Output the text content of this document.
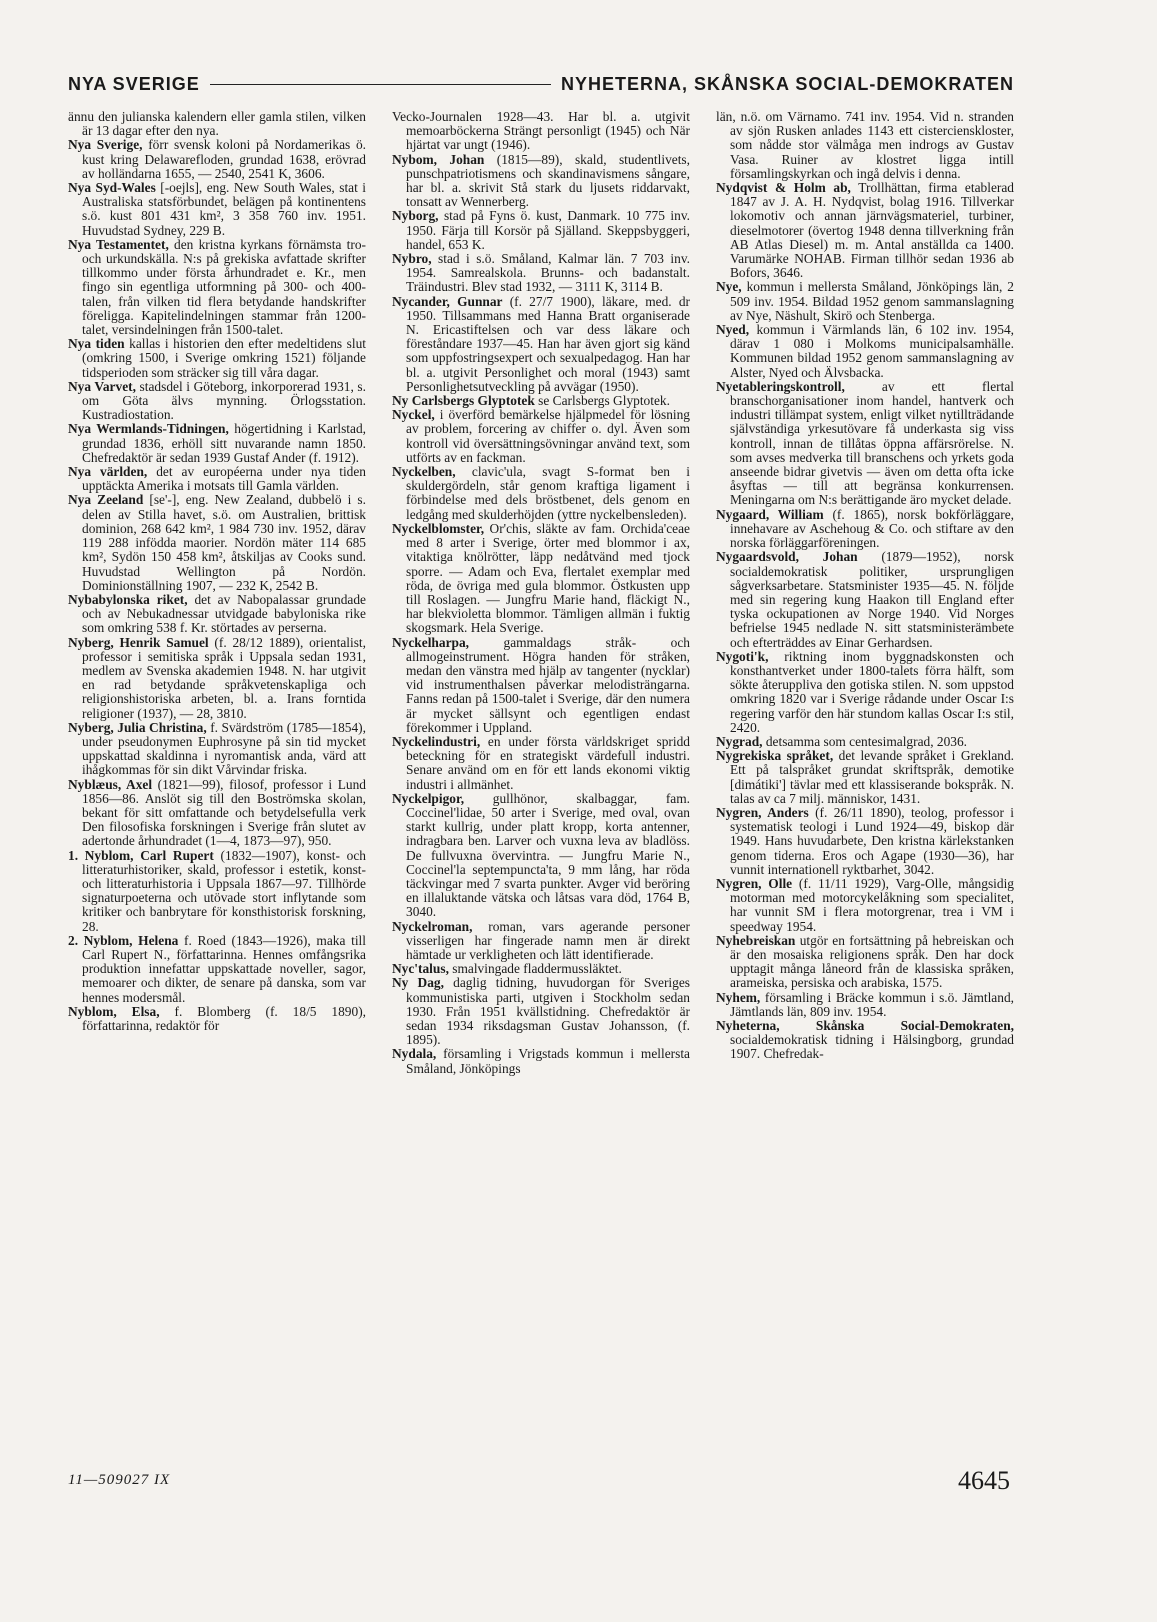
NYA SVERIGE	NYHETERNA, SKÅNSKA SOCIAL-DEMOKRATEN

ännu den julianska kalendern eller gamla stilen, vilken är 13 dagar efter den nya.

Nya Sverige, förr svensk koloni på Nordamerikas ö. kust kring Delawarefloden, grundad 1638, erövrad av holländarna 1655, — 2540, 2541 K, 3606.

Nya Syd-Wales [-oejls], eng. New South Wales, stat i Australiska statsförbundet, belägen på kontinentens s.ö. kust 801 431 km², 3 358 760 inv. 1951. Huvudstad Sydney, 229 B.

Nya Testamentet, den kristna kyrkans förnämsta tro- och urkundskälla. N:s på grekiska avfattade skrifter tillkommo under första århundradet e. Kr., men fingo sin egentliga utformning på 300- och 400-talen, från vilken tid flera betydande handskrifter föreligga. Kapitelindelningen stammar från 1200-talet, versindelningen från 1500-talet.

Nya tiden kallas i historien den efter medeltidens slut (omkring 1500, i Sverige omkring 1521) följande tidsperioden som sträcker sig till våra dagar.

Nya Varvet, stadsdel i Göteborg, inkorporerad 1931, s. om Göta älvs mynning. Örlogsstation. Kustradiostation.

Nya Wermlands-Tidningen, högertidning i Karlstad, grundad 1836, erhöll sitt nuvarande namn 1850. Chefredaktör är sedan 1939 Gustaf Ander (f. 1912).

Nya världen, det av européerna under nya tiden upptäckta Amerika i motsats till Gamla världen.

Nya Zeeland [se'-], eng. New Zealand, dubbelö i s. delen av Stilla havet, s.ö. om Australien, brittisk dominion, 268 642 km², 1 984 730 inv. 1952, därav 119 288 infödda maorier. Nordön mäter 114 685 km², Sydön 150 458 km², åtskiljas av Cooks sund. Huvudstad Wellington på Nordön. Dominionställning 1907, — 232 K, 2542 B.

Nybabylonska riket, det av Nabopalassar grundade och av Nebukadnessar utvidgade babyloniska rike som omkring 538 f. Kr. störtades av perserna.

Nyberg, Henrik Samuel (f. 28/12 1889), orientalist, professor i semitiska språk i Uppsala sedan 1931, medlem av Svenska akademien 1948. N. har utgivit en rad betydande språkvetenskapliga och religionshistoriska arbeten, bl. a. Irans forntida religioner (1937), — 28, 3810.

Nyberg, Julia Christina, f. Svärdström (1785—1854), under pseudonymen Euphrosyne på sin tid mycket uppskattad skaldinna i nyromantisk anda, värd att ihågkommas för sin dikt Vårvindar friska.

Nyblæus, Axel (1821—99), filosof, professor i Lund 1856—86. Anslöt sig till den Boströmska skolan, bekant för sitt omfattande och betydelsefulla verk Den filosofiska forskningen i Sverige från slutet av adertonde århundradet (1—4, 1873—97), 950.

1. Nyblom, Carl Rupert (1832—1907), konst- och litteraturhistoriker, skald, professor i estetik, konst- och litteraturhistoria i Uppsala 1867—97. Tillhörde signaturpoeterna och utövade stort inflytande som kritiker och banbrytare för konsthistorisk forskning, 28.

2. Nyblom, Helena f. Roed (1843—1926), maka till Carl Rupert N., författarinna. Hennes omfångsrika produktion innefattar uppskattade noveller, sagor, memoarer och dikter, de senare på danska, som var hennes modersmål.

Nyblom, Elsa, f. Blomberg (f. 18/5 1890), författarinna, redaktör för

Vecko-Journalen 1928—43. Har bl. a. utgivit memoarböckerna Strängt personligt (1945) och När hjärtat var ungt (1946).

Nybom, Johan (1815—89), skald, studentlivets, punschpatriotismens och skandinavismens sångare, har bl. a. skrivit Stå stark du ljusets riddarvakt, tonsatt av Wennerberg.

Nyborg, stad på Fyns ö. kust, Danmark. 10 775 inv. 1950. Färja till Korsör på Själland. Skeppsbyggeri, handel, 653 K.

Nybro, stad i s.ö. Småland, Kalmar län. 7 703 inv. 1954. Samrealskola. Brunns- och badanstalt. Träindustri. Blev stad 1932, — 3111 K, 3114 B.

Nycander, Gunnar (f. 27/7 1900), läkare, med. dr 1950. Tillsammans med Hanna Bratt organiserade N. Ericastiftelsen och var dess läkare och föreståndare 1937—45. Han har även gjort sig känd som uppfostringsexpert och sexualpedagog. Han har bl. a. utgivit Personlighet och moral (1943) samt Personlighetsutveckling på avvägar (1950).

Ny Carlsbergs Glyptotek se Carlsbergs Glyptotek.

Nyckel, i överförd bemärkelse hjälpmedel för lösning av problem, forcering av chiffer o. dyl. Även som kontroll vid översättningsövningar använd text, som utförts av en fackman.

Nyckelben, clavic'ula, svagt S-format ben i skuldergördeln, står genom kraftiga ligament i förbindelse med dels bröstbenet, dels genom en ledgång med skulderhöjden (yttre nyckelbensleden).

Nyckelblomster, Or'chis, släkte av fam. Orchida'ceae med 8 arter i Sverige, örter med blommor i ax, vitaktiga knölrötter, läpp nedåtvänd med tjock sporre. — Adam och Eva, flertalet exemplar med röda, de övriga med gula blommor. Östkusten upp till Roslagen. — Jungfru Marie hand, fläckigt N., har blekvioletta blommor. Tämligen allmän i fuktig skogsmark. Hela Sverige.

Nyckelharpa, gammaldags stråk- och allmogeinstrument. Högra handen för stråken, medan den vänstra med hjälp av tangenter (nycklar) vid instrumenthalsen påverkar melodisträngarna. Fanns redan på 1500-talet i Sverige, där den numera är mycket sällsynt och egentligen endast förekommer i Uppland.

Nyckelindustri, en under första världskriget spridd beteckning för en strategiskt värdefull industri. Senare använd om en för ett lands ekonomi viktig industri i allmänhet.

Nyckelpigor, gullhönor, skalbaggar, fam. Coccinel'lidae, 50 arter i Sverige, med oval, ovan starkt kullrig, under platt kropp, korta antenner, indragbara ben. Larver och vuxna leva av bladlöss. De fullvuxna övervintra. — Jungfru Marie N., Coccinel'la septempuncta'ta, 9 mm lång, har röda täckvingar med 7 svarta punkter. Avger vid beröring en illaluktande vätska och låtsas vara död, 1764 B, 3040.

Nyckelroman, roman, vars agerande personer visserligen har fingerade namn men är direkt hämtade ur verkligheten och lätt identifierade.

Nyc'talus, smalvingade fladdermussläktet.

Ny Dag, daglig tidning, huvudorgan för Sveriges kommunistiska parti, utgiven i Stockholm sedan 1930. Från 1951 kvällstidning. Chefredaktör är sedan 1934 riksdagsman Gustav Johansson, (f. 1895).

Nydala, församling i Vrigstads kommun i mellersta Småland, Jönköpings

län, n.ö. om Värnamo. 741 inv. 1954. Vid n. stranden av sjön Rusken anlades 1143 ett cistercienskloster, som nådde stor välmåga men indrogs av Gustav Vasa. Ruiner av klostret ligga intill församlingskyrkan och ingå delvis i denna.

Nydqvist & Holm ab, Trollhättan, firma etablerad 1847 av J. A. H. Nydqvist, bolag 1916. Tillverkar lokomotiv och annan järnvägsmateriel, turbiner, dieselmotorer (övertog 1948 denna tillverkning från AB Atlas Diesel) m. m. Antal anställda ca 1400. Varumärke NOHAB. Firman tillhör sedan 1936 ab Bofors, 3646.

Nye, kommun i mellersta Småland, Jönköpings län, 2 509 inv. 1954. Bildad 1952 genom sammanslagning av Nye, Näshult, Skirö och Stenberga.

Nyed, kommun i Värmlands län, 6 102 inv. 1954, därav 1 080 i Molkoms municipalsamhälle. Kommunen bildad 1952 genom sammanslagning av Alster, Nyed och Älvsbacka.

Nyetableringskontroll, av ett flertal branschorganisationer inom handel, hantverk och industri tillämpat system, enligt vilket nytillträdande självständiga yrkesutövare få underkasta sig viss kontroll, innan de tillåtas öppna affärsrörelse. N. som avses medverka till branschens och yrkets goda anseende bidrar givetvis — även om detta ofta icke åsyftas — till att begränsa konkurrensen. Meningarna om N:s berättigande äro mycket delade.

Nygaard, William (f. 1865), norsk bokförläggare, innehavare av Aschehoug & Co. och stiftare av den norska förläggarföreningen.

Nygaardsvold, Johan (1879—1952), norsk socialdemokratisk politiker, ursprungligen sågverksarbetare. Statsminister 1935—45. N. följde med sin regering kung Haakon till England efter tyska ockupationen av Norge 1940. Vid Norges befrielse 1945 nedlade N. sitt statsministerämbete och efterträddes av Einar Gerhardsen.

Nygoti'k, riktning inom byggnadskonsten och konsthantverket under 1800-talets förra hälft, som sökte återuppliva den gotiska stilen. N. som uppstod omkring 1820 var i Sverige rådande under Oscar I:s regering varför den här stundom kallas Oscar I:s stil, 2420.

Nygrad, detsamma som centesimalgrad, 2036.

Nygrekiska språket, det levande språket i Grekland. Ett på talspråket grundat skriftspråk, demotike [dimátiki'] tävlar med ett klassiserande bokspråk. N. talas av ca 7 milj. människor, 1431.

Nygren, Anders (f. 26/11 1890), teolog, professor i systematisk teologi i Lund 1924—49, biskop där 1949. Hans huvudarbete, Den kristna kärlekstanken genom tiderna. Eros och Agape (1930—36), har vunnit internationell ryktbarhet, 3042.

Nygren, Olle (f. 11/11 1929), Varg-Olle, mångsidig motorman med motorcykelåkning som specialitet, har vunnit SM i flera motorgrenar, trea i VM i speedway 1954.

Nyhebreiskan utgör en fortsättning på hebreiskan och är den mosaiska religionens språk. Den har dock upptagit många låneord från de klassiska språken, arameiska, persiska och arabiska, 1575.

Nyhem, församling i Bräcke kommun i s.ö. Jämtland, Jämtlands län, 809 inv. 1954.

Nyheterna, Skånska Social-Demokraten, socialdemokratisk tidning i Hälsingborg, grundad 1907. Chefredak-

11—509027 IX	4645
